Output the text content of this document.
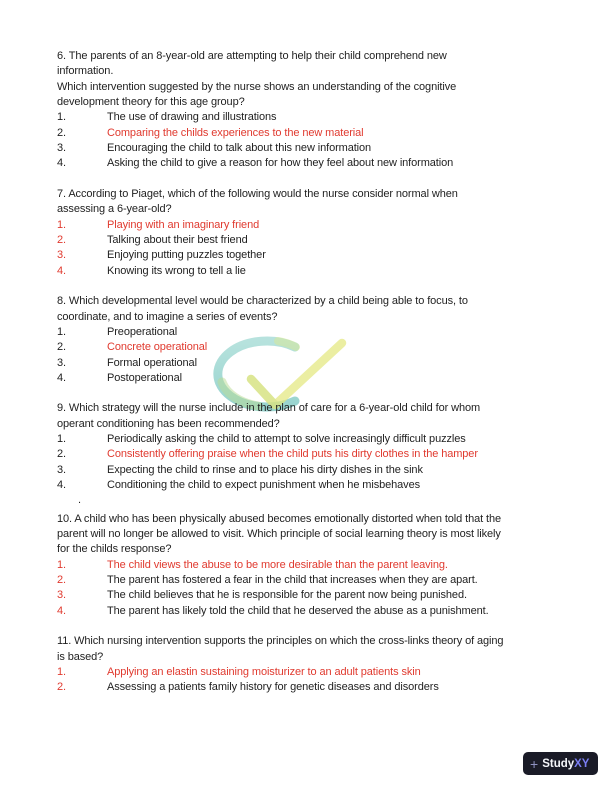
6. The parents of an 8-year-old are attempting to help their child comprehend new
information.
Which intervention suggested by the nurse shows an understanding of the cognitive
development theory for this age group?
1.	The use of drawing and illustrations
2.	Comparing the childs experiences to the new material
3.	Encouraging the child to talk about this new information
4.	Asking the child to give a reason for how they feel about new information
7. According to Piaget, which of the following would the nurse consider normal when
assessing a 6-year-old?
1.	Playing with an imaginary friend
2.	Talking about their best friend
3.	Enjoying putting puzzles together
4.	Knowing its wrong to tell a lie
8. Which developmental level would be characterized by a child being able to focus, to
coordinate, and to imagine a series of events?
1.	Preoperational
2.	Concrete operational
3.	Formal operational
4.	Postoperational
9. Which strategy will the nurse include in the plan of care for a 6-year-old child for whom
operant conditioning has been recommended?
1.	Periodically asking the child to attempt to solve increasingly difficult puzzles
2.	Consistently offering praise when the child puts his dirty clothes in the hamper
3.	Expecting the child to rinse and to place his dirty dishes in the sink
4.	Conditioning the child to expect punishment when he misbehaves
.
10. A child who has been physically abused becomes emotionally distorted when told that the
parent will no longer be allowed to visit. Which principle of social learning theory is most likely
for the childs response?
1.	The child views the abuse to be more desirable than the parent leaving.
2.	The parent has fostered a fear in the child that increases when they are apart.
3.	The child believes that he is responsible for the parent now being punished.
4.	The parent has likely told the child that he deserved the abuse as a punishment.
11. Which nursing intervention supports the principles on which the cross-links theory of aging
is based?
1.	Applying an elastin sustaining moisturizer to an adult patients skin
2.	Assessing a patients family history for genetic diseases and disorders
+ Study XY
